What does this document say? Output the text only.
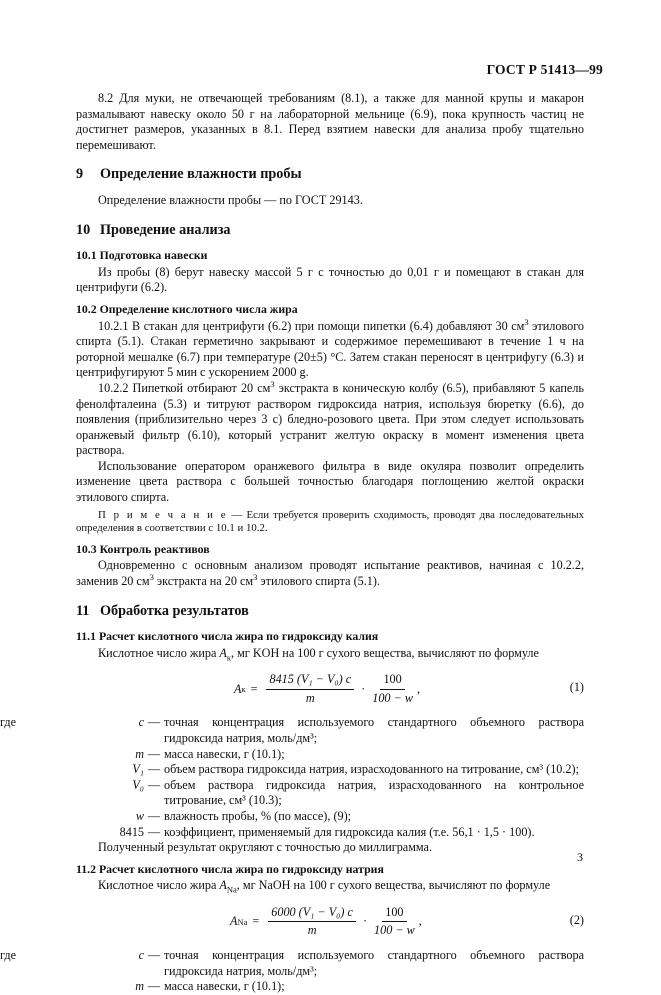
ГОСТ Р 51413—99

8.2 Для муки, не отвечающей требованиям (8.1), а также для манной крупы и макарон размалывают навеску около 50 г на лабораторной мельнице (6.9), пока крупность частиц не достигнет размеров, указанных в 8.1. Перед взятием навески для анализа пробу тщательно перемешивают.

9 Определение влажности пробы

Определение влажности пробы — по ГОСТ 29143.

10 Проведение анализа

10.1 Подготовка навески

Из пробы (8) берут навеску массой 5 г с точностью до 0,01 г и помещают в стакан для центрифуги (6.2).

10.2 Определение кислотного числа жира

10.2.1 В стакан для центрифуги (6.2) при помощи пипетки (6.4) добавляют 30 $см^3$ этилового спирта (5.1). Стакан герметично закрывают и содержимое перемешивают в течение 1 ч на роторной мешалке (6.7) при температуре (20±5) °С. Затем стакан переносят в центрифугу (6.3) и центрифугируют 5 мин с ускорением 2000 g.

10.2.2 Пипеткой отбирают 20 $см^3$ экстракта в коническую колбу (6.5), прибавляют 5 капель фенолфталеина (5.3) и титруют раствором гидроксида натрия, используя бюретку (6.6), до появления (приблизительно через 3 с) бледно-розового цвета. При этом следует использовать оранжевый фильтр (6.10), который устранит желтую окраску в момент изменения цвета раствора.

Использование оператором оранжевого фильтра в виде окуляра позволит определить изменение цвета раствора с большей точностью благодаря поглощению желтой окраски этилового спирта.

П р и м е ч а н и е — Если требуется проверить сходимость, проводят два последовательных определения в соответствии с 10.1 и 10.2.

10.3 Контроль реактивов

Одновременно с основным анализом проводят испытание реактивов, начиная с 10.2.2, заменив 20 $см^3$ экстракта на 20 $см^3$ этилового спирта (5.1).

11 Обработка результатов

11.1 Расчет кислотного числа жира по гидроксиду калия

Кислотное число жира $A_к$, мг KOH на 100 г сухого вещества, вычисляют по формуле

A $к = \frac{\text{8415 (V₁ − V₀) c}}{m} \cdot \frac{100}{100 - w}$ ,	(1)
где	c — точная концентрация используемого стандартного объемного раствора гидроксида натрия, моль/дм³;
m — масса навески, г (10.1);
V₁ — объем раствора гидроксида натрия, израсходованного на титрование, см³ (10.2);
V₀ — объем раствора гидроксида натрия, израсходованного на контрольное титрование, см³ (10.3);
w — влажность пробы, % (по массе), (9);
8415 — коэффициент, применяемый для гидроксида калия (т.е. 56,1 · 1,5 · 100).

Полученный результат округляют с точностью до миллиграмма.

11.2 Расчет кислотного числа жира по гидроксиду натрия

Кислотное число жира $A_{Na}$, мг NaOH на 100 г сухого вещества, вычисляют по формуле

A $Na = \frac{\text{6000 (V₁ − V₀) c}}{m} \cdot \frac{100}{100 - w}$ ,	(2)
где	c — точная концентрация используемого стандартного объемного раствора гидроксида натрия, моль/дм³;
m — масса навески, г (10.1);
3
